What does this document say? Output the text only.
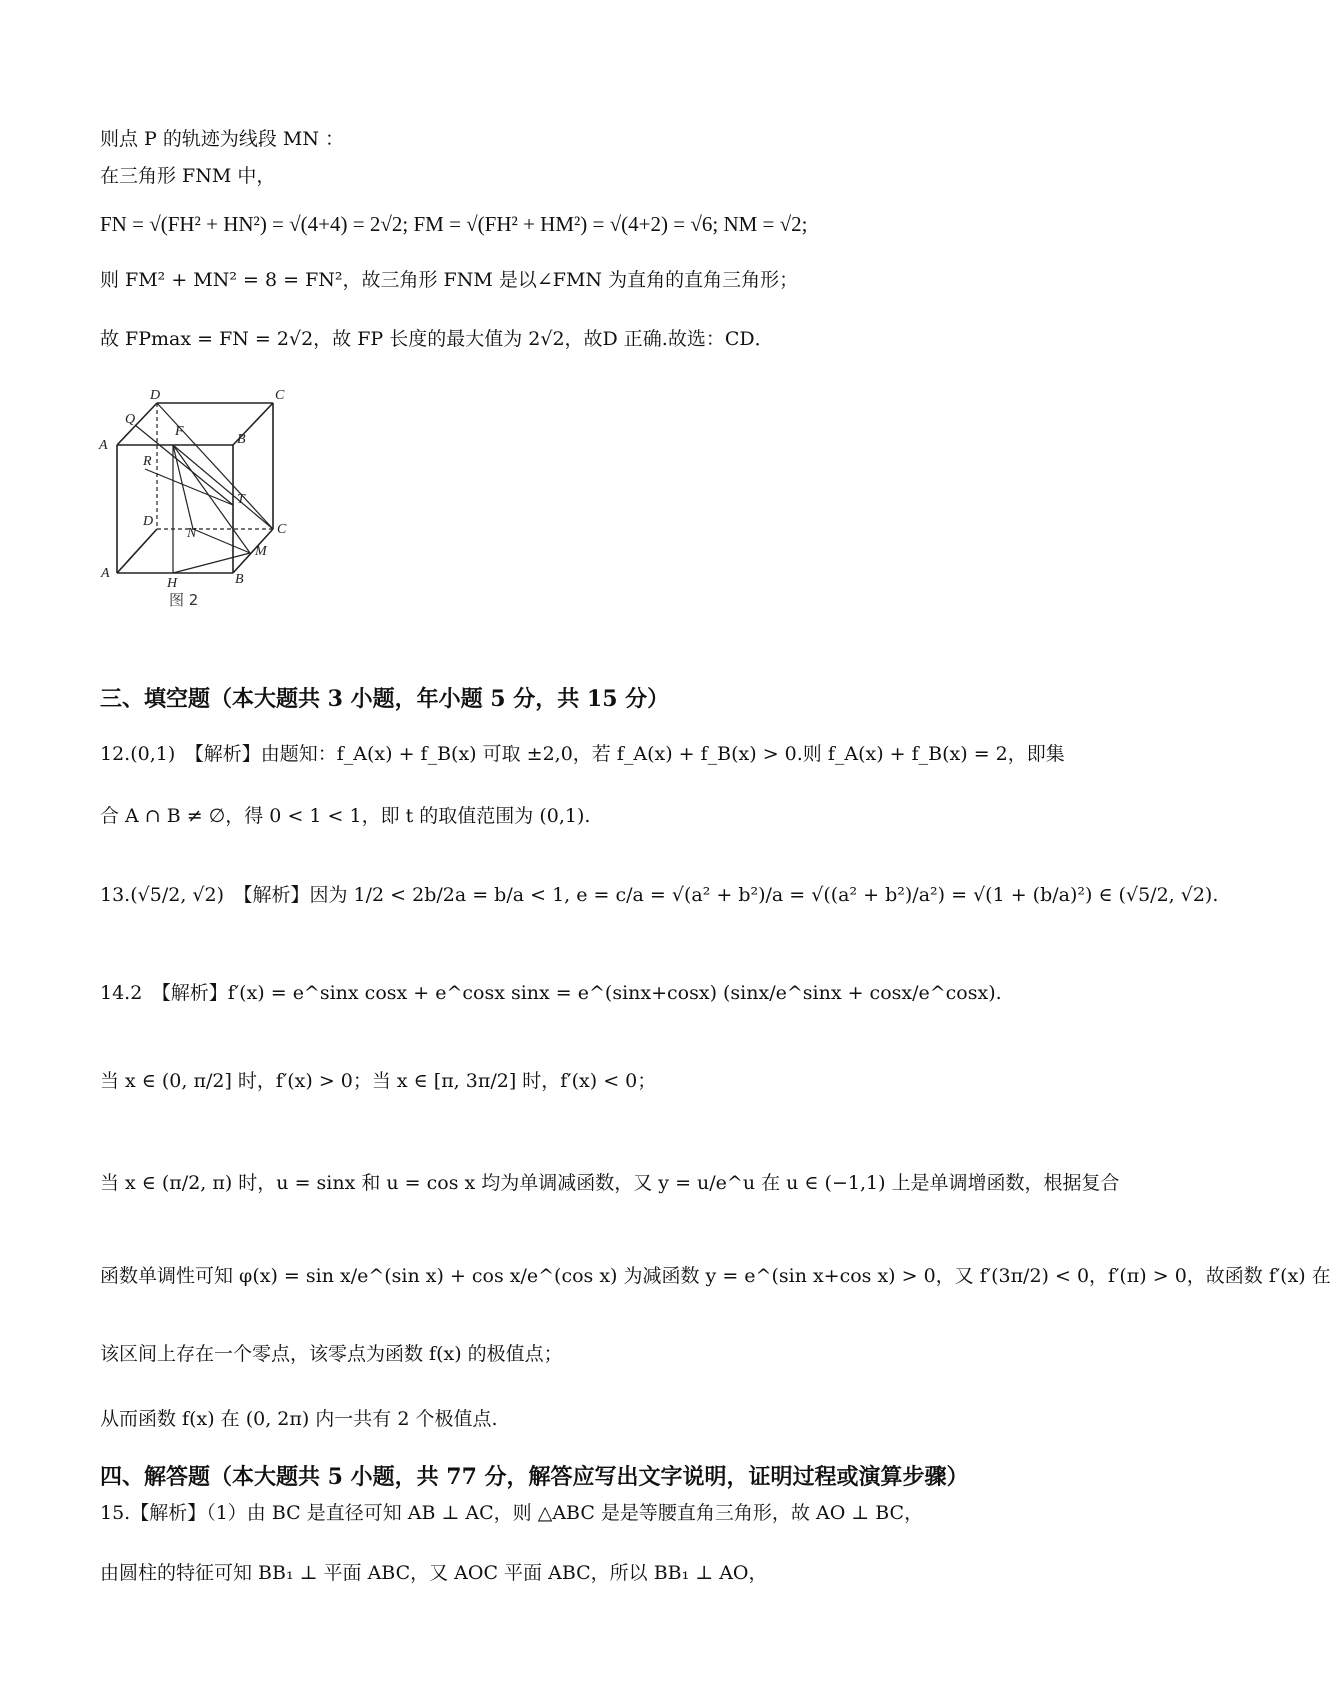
则点 P 的轨迹为线段 MN ：
在三角形 FNM 中，
FN = √(FH² + HN²) = √(4+4) = 2√2; FM = √(FH² + HM²) = √(4+2) = √6; NM = √2;
则 FM² + MN² = 8 = FN²，故三角形 FNM 是以∠FMN 为直角的直角三角形；
故 FPmax = FN = 2√2，故 FP 长度的最大值为 2√2，故D 正确.故选：CD．
D	C
Q
A
F
B
R
T
D
C
N
M
A
H	B
图 2
三、填空题（本大题共 3 小题，年小题 5 分，共 15 分）
12.(0,1)　【解析】由题知：f_A(x) + f_B(x) 可取 ±2,0，若 f_A(x) + f_B(x) > 0.则 f_A(x) + f_B(x) = 2，即集
合 A ∩ B ≠ ∅，得 0 < 1 < 1，即 t 的取值范围为 (0,1).
13.(√5/2, √2)　【解析】因为 1/2 < 2b/2a = b/a < 1, e = c/a = √(a² + b²)/a = √((a² + b²)/a²) = √(1 + (b/a)²) ∈ (√5/2, √2).
14.2　【解析】f′(x) = e^sinx cosx + e^cosx sinx = e^(sinx+cosx) (sinx/e^sinx + cosx/e^cosx).
当 x ∈ (0, π/2] 时，f′(x) > 0；当 x ∈ [π, 3π/2] 时，f′(x) < 0；
当 x ∈ (π/2, π) 时，u = sinx 和 u = cos x 均为单调减函数，又 y = u/e^u 在 u ∈ (−1,1) 上是单调增函数，根据复合
函数单调性可知 φ(x) = sin x/e^(sin x) + cos x/e^(cos x) 为减函数 y = e^(sin x+cos x) > 0，又 f′(3π/2) < 0，f′(π) > 0，故函数 f′(x) 在
该区间上存在一个零点，该零点为函数 f(x) 的极值点；
从而函数 f(x) 在 (0, 2π) 内一共有 2 个极值点.
四、解答题（本大题共 5 小题，共 77 分，解答应写出文字说明，证明过程或演算步骤）
15.【解析】（1）由 BC 是直径可知 AB ⊥ AC，则 △ABC 是是等腰直角三角形，故 AO ⊥ BC，
由圆柱的特征可知 BB₁ ⊥ 平面 ABC，又 AOC 平面 ABC，所以 BB₁ ⊥ AO，
